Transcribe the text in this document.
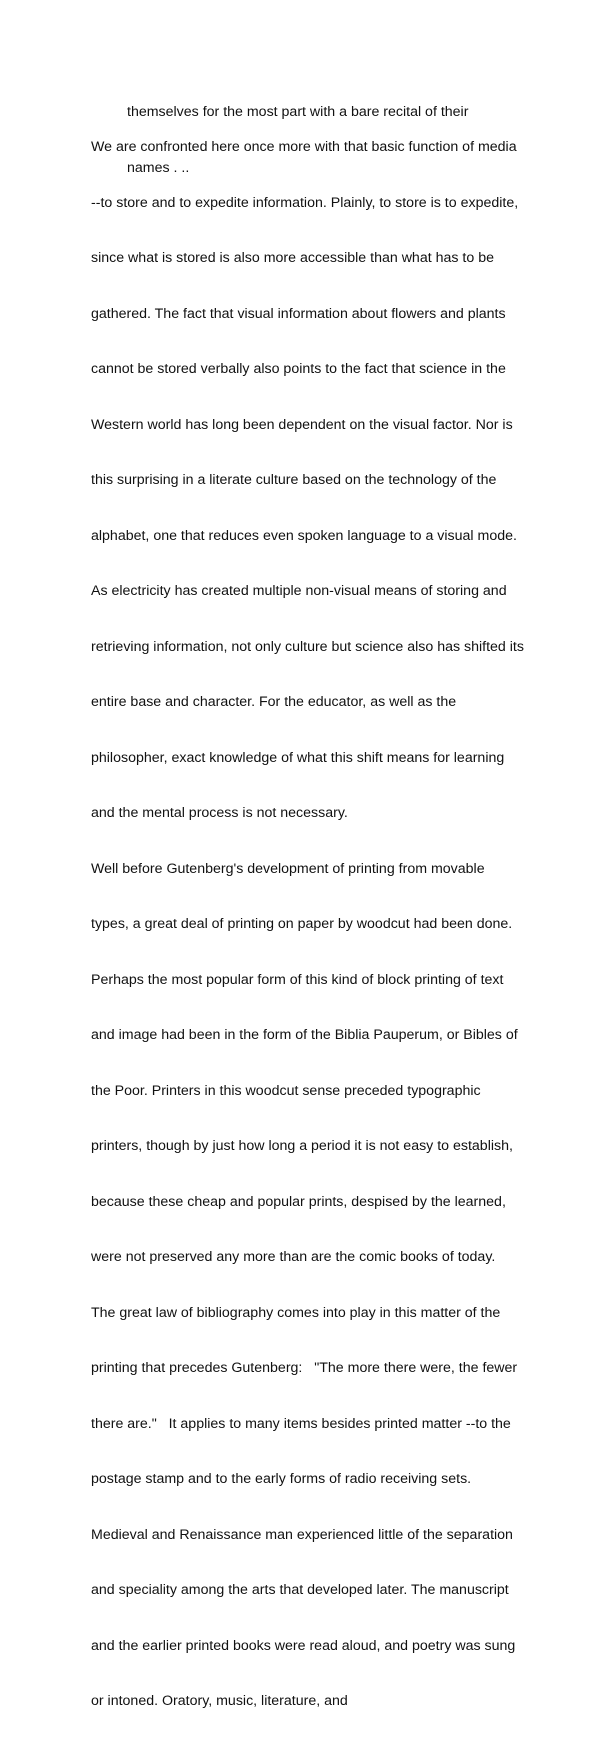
themselves for the most part with a bare recital of their

names . ..

We are confronted here once more with that basic function of media

--to store and to expedite information. Plainly, to store is to expedite,

since what is stored is also more accessible than what has to be

gathered. The fact that visual information about flowers and plants

cannot be stored verbally also points to the fact that science in the

Western world has long been dependent on the visual factor. Nor is

this surprising in a literate culture based on the technology of the

alphabet, one that reduces even spoken language to a visual mode.

As electricity has created multiple non-visual means of storing and

retrieving information, not only culture but science also has shifted its

entire base and character. For the educator, as well as the

philosopher, exact knowledge of what this shift means for learning

and the mental process is not necessary.

Well before Gutenberg's development of printing from movable

types, a great deal of printing on paper by woodcut had been done.

Perhaps the most popular form of this kind of block printing of text

and image had been in the form of the Biblia Pauperum, or Bibles of

the Poor. Printers in this woodcut sense preceded typographic

printers, though by just how long a period it is not easy to establish,

because these cheap and popular prints, despised by the learned,

were not preserved any more than are the comic books of today.

The great law of bibliography comes into play in this matter of the

printing that precedes Gutenberg:   "The more there were, the fewer

there are."   It applies to many items besides printed matter --to the

postage stamp and to the early forms of radio receiving sets.

Medieval and Renaissance man experienced little of the separation

and speciality among the arts that developed later. The manuscript

and the earlier printed books were read aloud, and poetry was sung

or intoned. Oratory, music, literature, and
